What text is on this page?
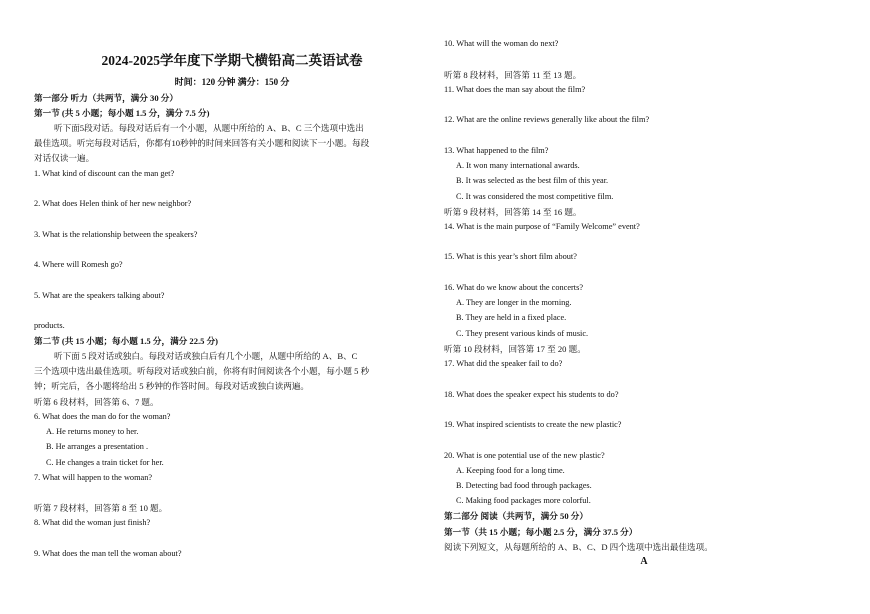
2024-2025学年度下学期弋横铅高二英语试卷
时间：120 分钟 满分：150 分
第一部分 听力（共两节，满分 30 分）
第一节 (共 5 小题；每小题 1.5 分，满分 7.5 分)
听下面5段对话。每段对话后有一个小题，从题中所给的 A、B、C 三个选项中选出
最佳选项。听完每段对话后，你都有10秒钟的时间来回答有关小题和阅读下一小题。每段
对话仅读一遍。
1. What kind of discount can the man get?
2. What does Helen think of her new neighbor?
3. What is the relationship between the speakers?
4. Where will Romesh go?
5. What are the speakers talking about?
products.
第二节 (共 15 小题；每小题 1.5 分，满分 22.5 分)
听下面 5 段对话或独白。每段对话或独白后有几个小题，从题中所给的 A、B、C
三个选项中选出最佳选项。听每段对话或独白前，你将有时间阅读各个小题，每小题 5 秒
钟；听完后，各小题将给出 5 秒钟的作答时间。每段对话或独白读两遍。
听第 6 段材料，回答第 6、7 题。
6. What does the man do for the woman?
A. He returns money to her.
B. He arranges a presentation .
C. He changes a train ticket for her.
7. What will happen to the woman?
听第 7 段材料，回答第 8 至 10 题。
8. What did the woman just finish?
9. What does the man tell the woman about?
10. What will the woman do next?
听第 8 段材料，回答第 11 至 13 题。
11. What does the man say about the film?
12. What are the online reviews generally like about the film?
13. What happened to the film?
A. It won many international awards.
B. It was selected as the best film of this year.
C. It was considered the most competitive film.
听第 9 段材料，回答第 14 至 16 题。
14. What is the main purpose of “Family Welcome” event?
15. What is this year’s short film about?
16. What do we know about the concerts?
A. They are longer in the morning.
B. They are held in a fixed place.
C. They present various kinds of music.
听第 10 段材料，回答第 17 至 20 题。
17. What did the speaker fail to do?
18. What does the speaker expect his students to do?
19. What inspired scientists to create the new plastic?
20. What is one potential use of the new plastic?
A. Keeping food for a long time.
B. Detecting bad food through packages.
C. Making food packages more colorful.
第二部分 阅读（共两节，满分 50 分）
第一节（共 15 小题；每小题 2.5 分，满分 37.5 分）
阅读下列短文，从每题所给的 A、B、C、D 四个选项中选出最佳选项。
A
